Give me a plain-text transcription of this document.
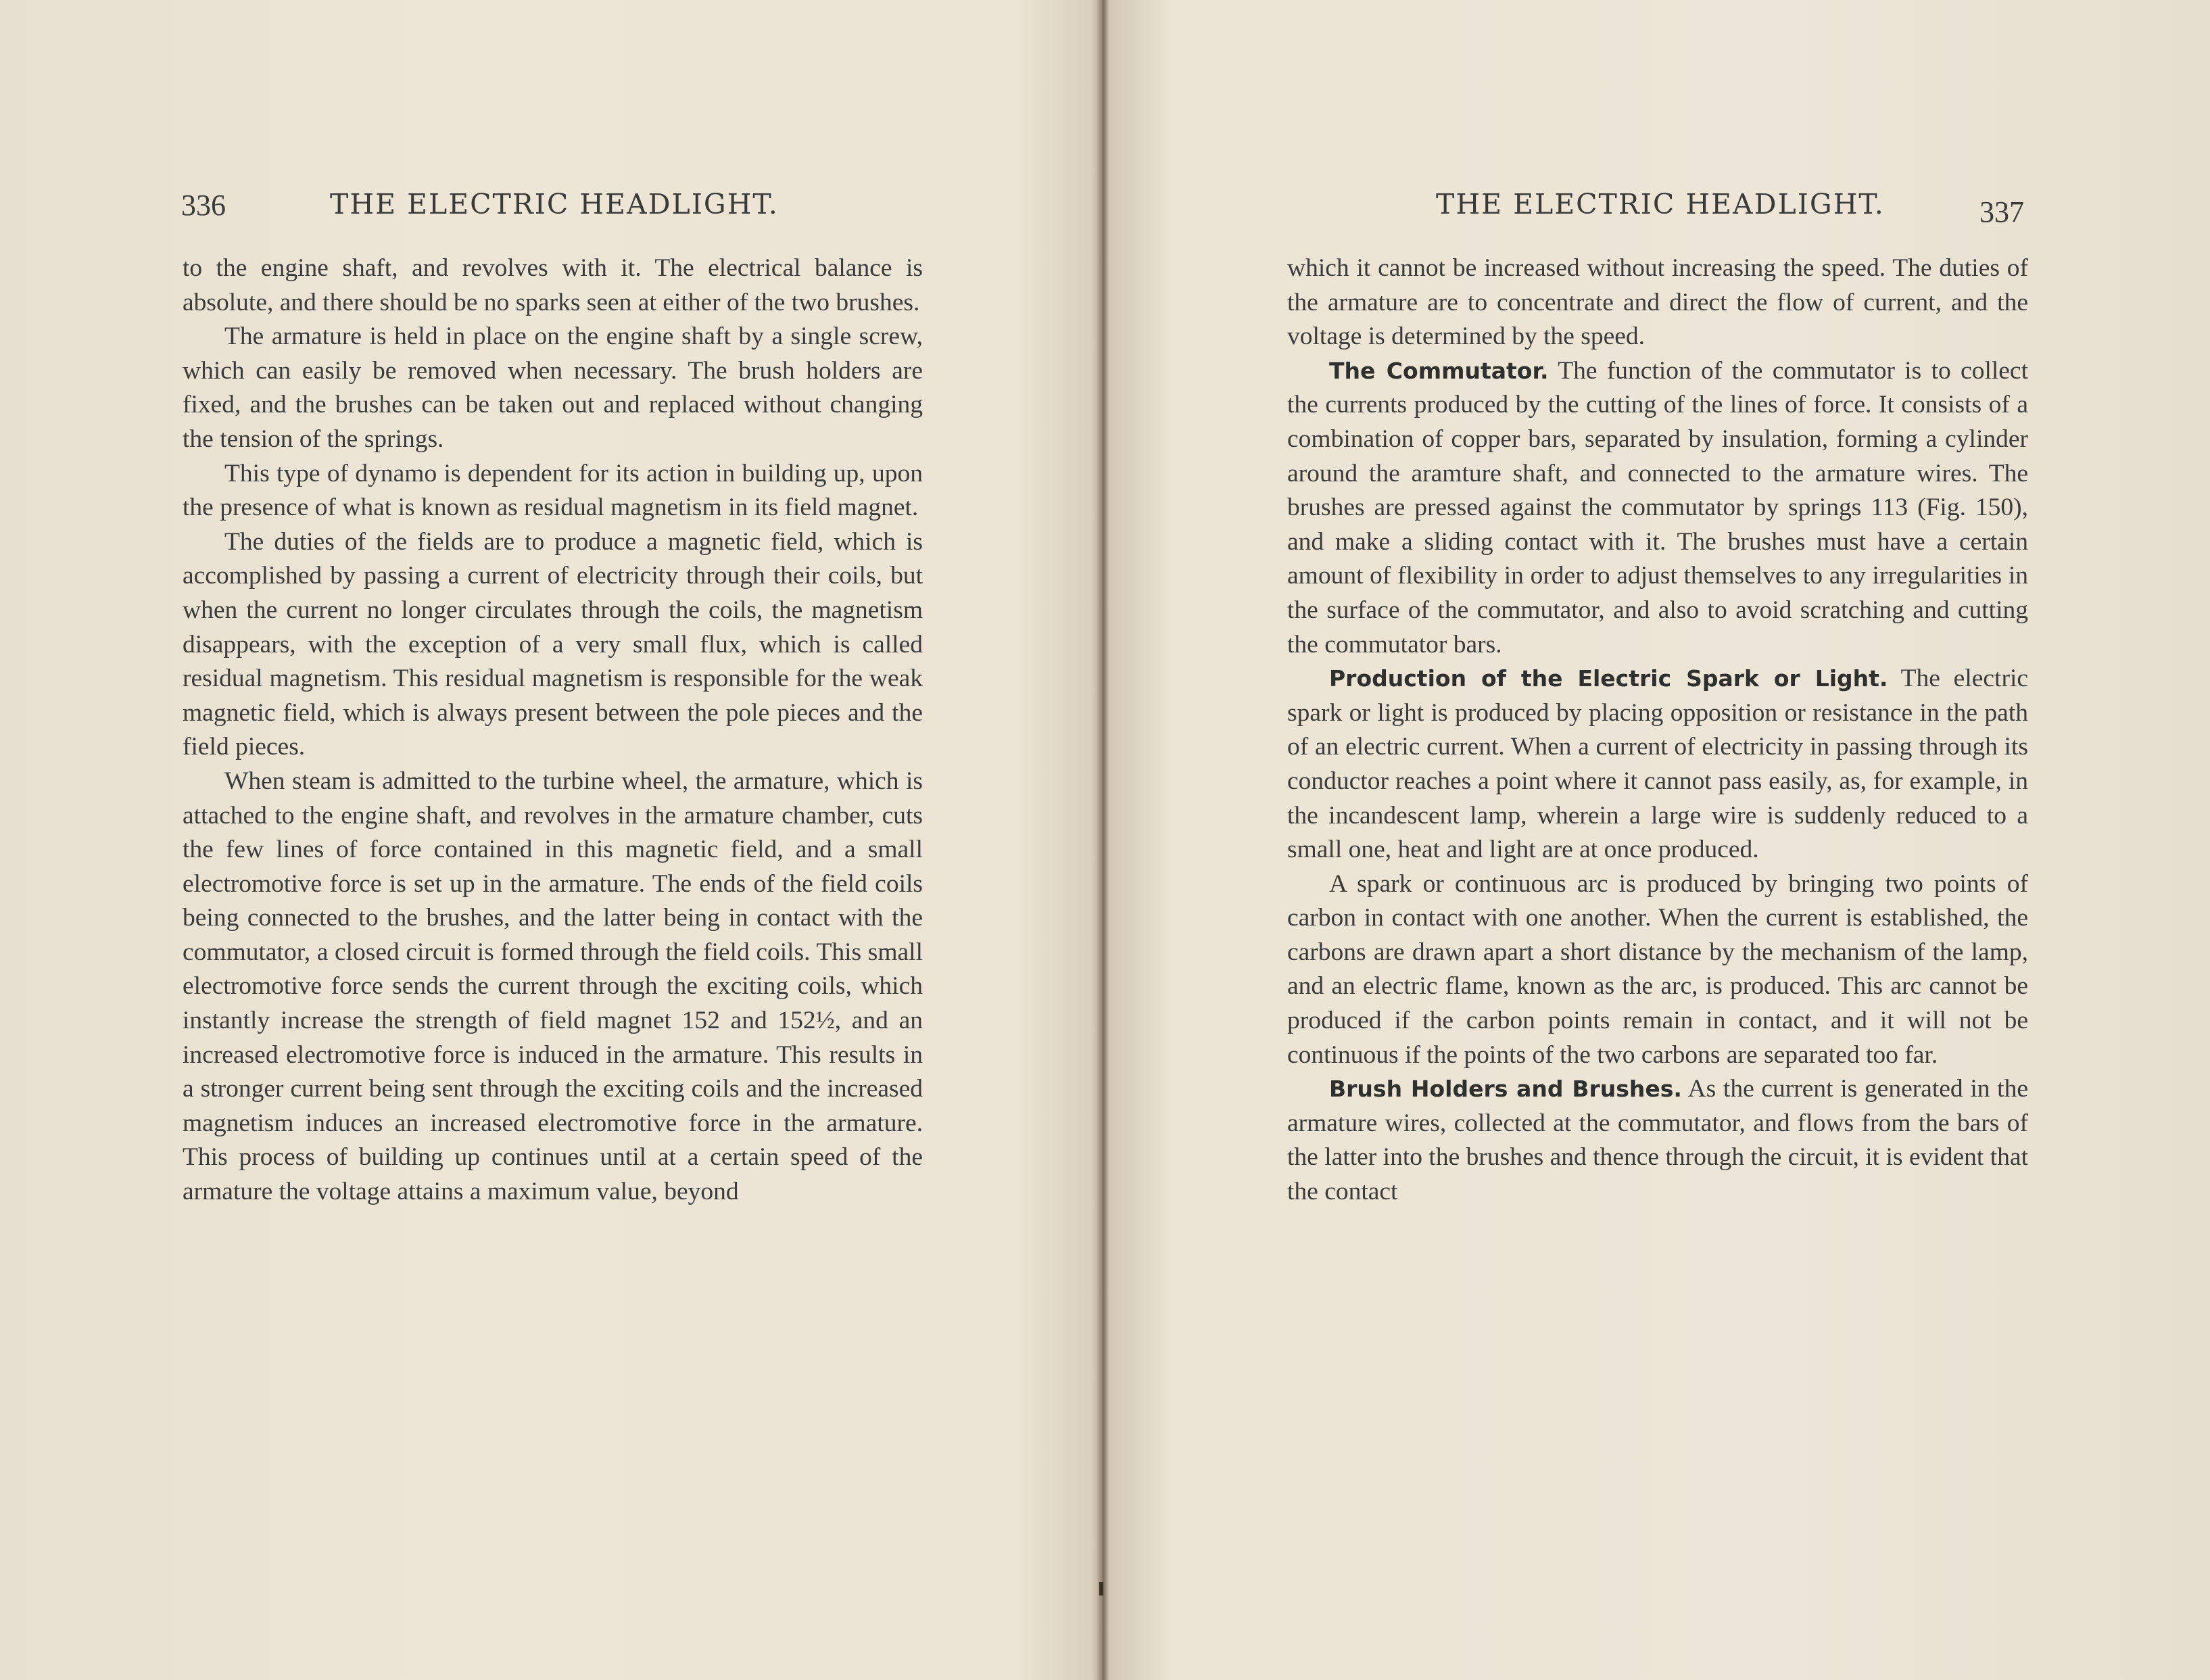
336	THE ELECTRIC HEADLIGHT.

to the engine shaft, and revolves with it. The electrical balance is absolute, and there should be no sparks seen at either of the two brushes.

The armature is held in place on the engine shaft by a single screw, which can easily be removed when necessary. The brush holders are fixed, and the brushes can be taken out and replaced without changing the tension of the springs.

This type of dynamo is dependent for its action in building up, upon the presence of what is known as residual magnetism in its field magnet.

The duties of the fields are to produce a magnetic field, which is accomplished by passing a current of electricity through their coils, but when the current no longer circulates through the coils, the magnetism disappears, with the exception of a very small flux, which is called residual magnetism. This residual magnetism is responsible for the weak magnetic field, which is always present between the pole pieces and the field pieces.

When steam is admitted to the turbine wheel, the armature, which is attached to the engine shaft, and revolves in the armature chamber, cuts the few lines of force contained in this magnetic field, and a small electromotive force is set up in the armature. The ends of the field coils being connected to the brushes, and the latter being in contact with the commutator, a closed circuit is formed through the field coils. This small electromotive force sends the current through the exciting coils, which instantly increase the strength of field magnet 152 and 152½, and an increased electromotive force is induced in the armature. This results in a stronger current being sent through the exciting coils and the increased magnetism induces an increased electromotive force in the armature. This process of building up continues until at a certain speed of the armature the voltage attains a maximum value, beyond

THE ELECTRIC HEADLIGHT.	337

which it cannot be increased without increasing the speed. The duties of the armature are to concentrate and direct the flow of current, and the voltage is determined by the speed.

The Commutator. The function of the commutator is to collect the currents produced by the cutting of the lines of force. It consists of a combination of copper bars, separated by insulation, forming a cylinder around the aramture shaft, and connected to the armature wires. The brushes are pressed against the commutator by springs 113 (Fig. 150), and make a sliding contact with it. The brushes must have a certain amount of flexibility in order to adjust themselves to any irregularities in the surface of the commutator, and also to avoid scratching and cutting the commutator bars.

Production of the Electric Spark or Light. The electric spark or light is produced by placing opposition or resistance in the path of an electric current. When a current of electricity in passing through its conductor reaches a point where it cannot pass easily, as, for example, in the incandescent lamp, wherein a large wire is suddenly reduced to a small one, heat and light are at once produced.

A spark or continuous arc is produced by bringing two points of carbon in contact with one another. When the current is established, the carbons are drawn apart a short distance by the mechanism of the lamp, and an electric flame, known as the arc, is produced. This arc cannot be produced if the carbon points remain in contact, and it will not be continuous if the points of the two carbons are separated too far.

Brush Holders and Brushes. As the current is generated in the armature wires, collected at the commutator, and flows from the bars of the latter into the brushes and thence through the circuit, it is evident that the contact
